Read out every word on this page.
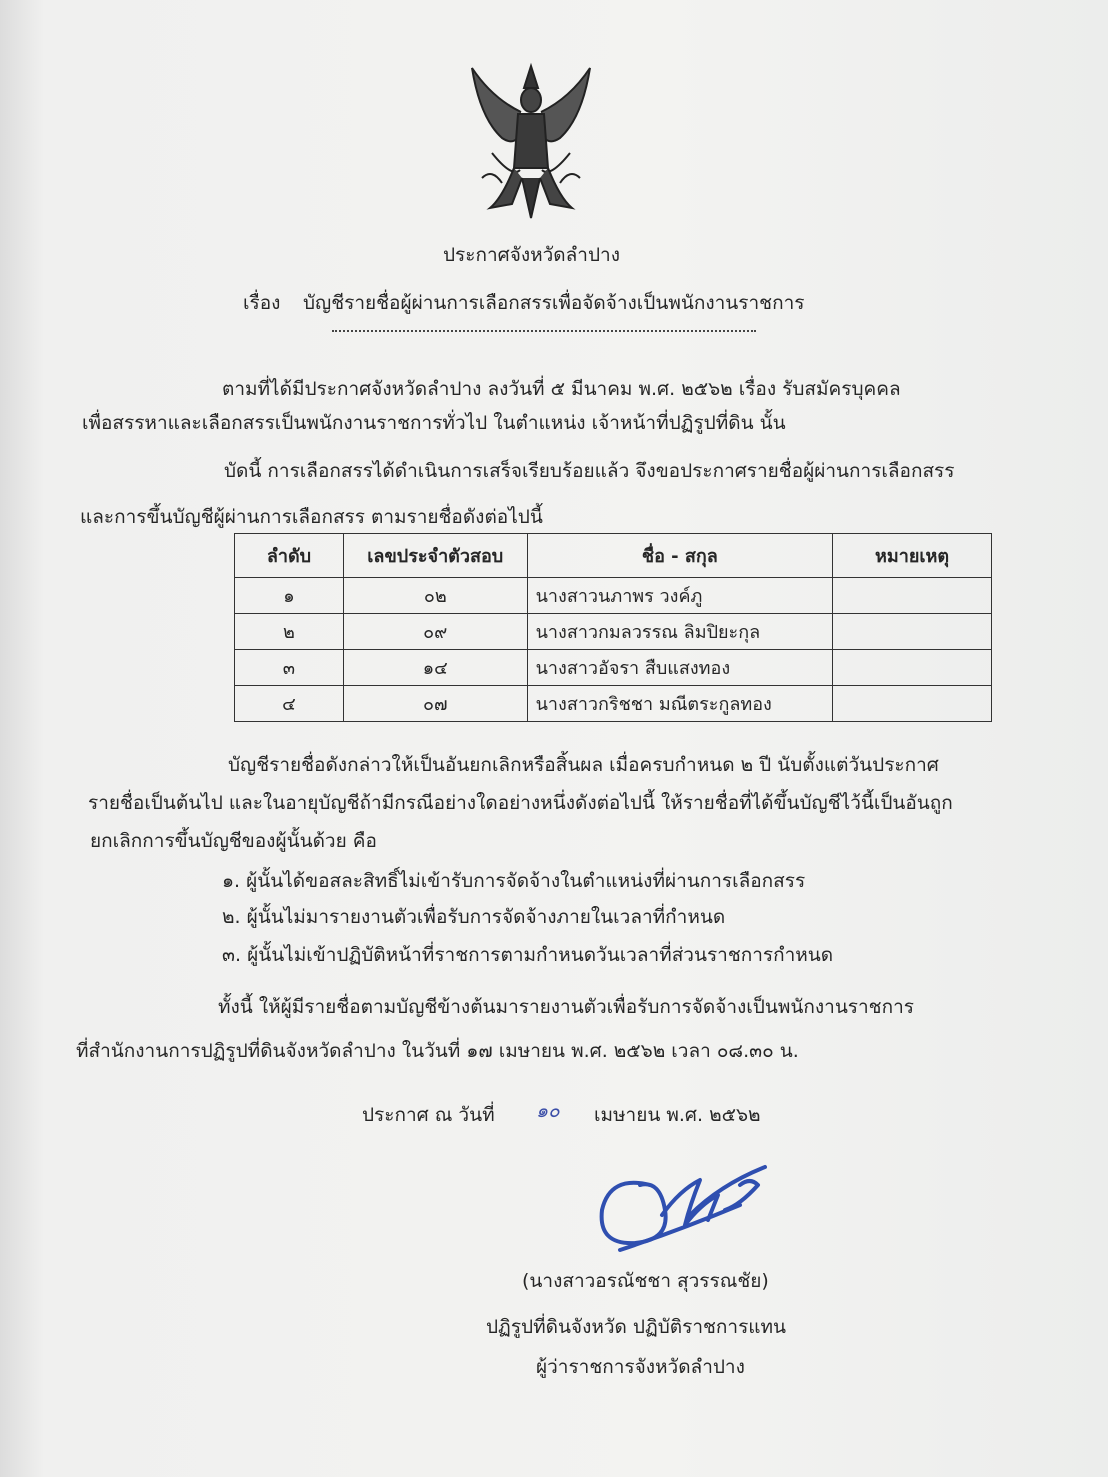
ประกาศจังหวัดลำปาง
เรื่อง บัญชีรายชื่อผู้ผ่านการเลือกสรรเพื่อจัดจ้างเป็นพนักงานราชการ
ตามที่ได้มีประกาศจังหวัดลำปาง ลงวันที่ ๕ มีนาคม พ.ศ. ๒๕๖๒ เรื่อง รับสมัครบุคคล
เพื่อสรรหาและเลือกสรรเป็นพนักงานราชการทั่วไป ในตำแหน่ง เจ้าหน้าที่ปฏิรูปที่ดิน นั้น
บัดนี้ การเลือกสรรได้ดำเนินการเสร็จเรียบร้อยแล้ว จึงขอประกาศรายชื่อผู้ผ่านการเลือกสรร
และการขึ้นบัญชีผู้ผ่านการเลือกสรร ตามรายชื่อดังต่อไปนี้
ลำดับ	เลขประจำตัวสอบ	ชื่อ - สกุล	หมายเหตุ
๑	๐๒	นางสาวนภาพร วงค์ภู	
๒	๐๙	นางสาวกมลวรรณ ลิมปิยะกุล	
๓	๑๔	นางสาวอัจรา สืบแสงทอง	
๔	๐๗	นางสาวกริชชา มณีตระกูลทอง	
บัญชีรายชื่อดังกล่าวให้เป็นอันยกเลิกหรือสิ้นผล เมื่อครบกำหนด ๒ ปี นับตั้งแต่วันประกาศ
รายชื่อเป็นต้นไป และในอายุบัญชีถ้ามีกรณีอย่างใดอย่างหนึ่งดังต่อไปนี้ ให้รายชื่อที่ได้ขึ้นบัญชีไว้นี้เป็นอันถูก
ยกเลิกการขึ้นบัญชีของผู้นั้นด้วย คือ
๑. ผู้นั้นได้ขอสละสิทธิ์ไม่เข้ารับการจัดจ้างในตำแหน่งที่ผ่านการเลือกสรร
๒. ผู้นั้นไม่มารายงานตัวเพื่อรับการจัดจ้างภายในเวลาที่กำหนด
๓. ผู้นั้นไม่เข้าปฏิบัติหน้าที่ราชการตามกำหนดวันเวลาที่ส่วนราชการกำหนด
ทั้งนี้ ให้ผู้มีรายชื่อตามบัญชีข้างต้นมารายงานตัวเพื่อรับการจัดจ้างเป็นพนักงานราชการ
ที่สำนักงานการปฏิรูปที่ดินจังหวัดลำปาง ในวันที่ ๑๗ เมษายน พ.ศ. ๒๕๖๒ เวลา ๐๘.๓๐ น.
ประกาศ ณ วันที่ ๑๐ เมษายน พ.ศ. ๒๕๖๒
(นางสาวอรณัชชา สุวรรณชัย)
ปฏิรูปที่ดินจังหวัด ปฏิบัติราชการแทน
ผู้ว่าราชการจังหวัดลำปาง
